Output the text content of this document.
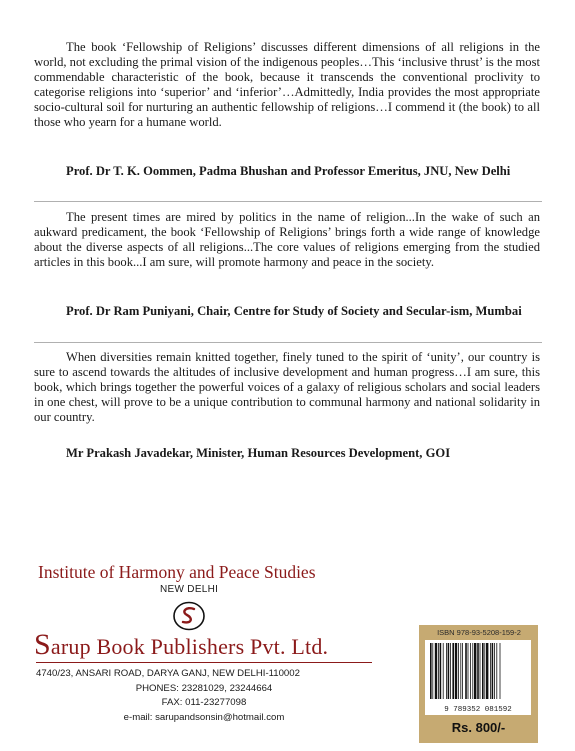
The book ‘Fellowship of Religions’ discusses different dimensions of all religions in the world, not excluding the primal vision of the indigenous peoples…This ‘inclusive thrust’ is the most commendable characteristic of the book, because it transcends the conventional proclivity to categorise religions into ‘superior’ and ‘inferior’…Admittedly, India provides the most appropriate socio-cultural soil for nurturing an authentic fellowship of religions…I commend it (the book) to all those who yearn for a humane world.

Prof. Dr T. K. Oommen, Padma Bhushan and Professor Emeritus, JNU, New Delhi

The present times are mired by politics in the name of religion...In the wake of such an aukward predicament, the book ‘Fellowship of Religions’ brings forth a wide range of knowledge about the diverse aspects of all religions...The core values of religions emerging from the studied articles in this book...I am sure, will promote harmony and peace in the society.

Prof. Dr Ram Puniyani, Chair, Centre for Study of Society and Secular-ism, Mumbai

When diversities remain knitted together, finely tuned to the spirit of ‘unity’, our country is sure to ascend towards the altitudes of inclusive development and human progress…I am sure, this book, which brings together the powerful voices of a galaxy of religious scholars and social leaders in one chest, will prove to be a unique contribution to communal harmony and national solidarity in our country.

Mr Prakash Javadekar, Minister, Human Resources Development, GOI

Institute of Harmony and Peace Studies
NEW DELHI
Sarup Book Publishers Pvt. Ltd.
4740/23, ANSARI ROAD, DARYA GANJ, NEW DELHI-110002
PHONES: 23281029, 23244664
FAX: 011-23277098
e-mail: sarupandsonsin@hotmail.com
ISBN 978-93-5208-159-2
9 789352 081592
Rs. 800/-
